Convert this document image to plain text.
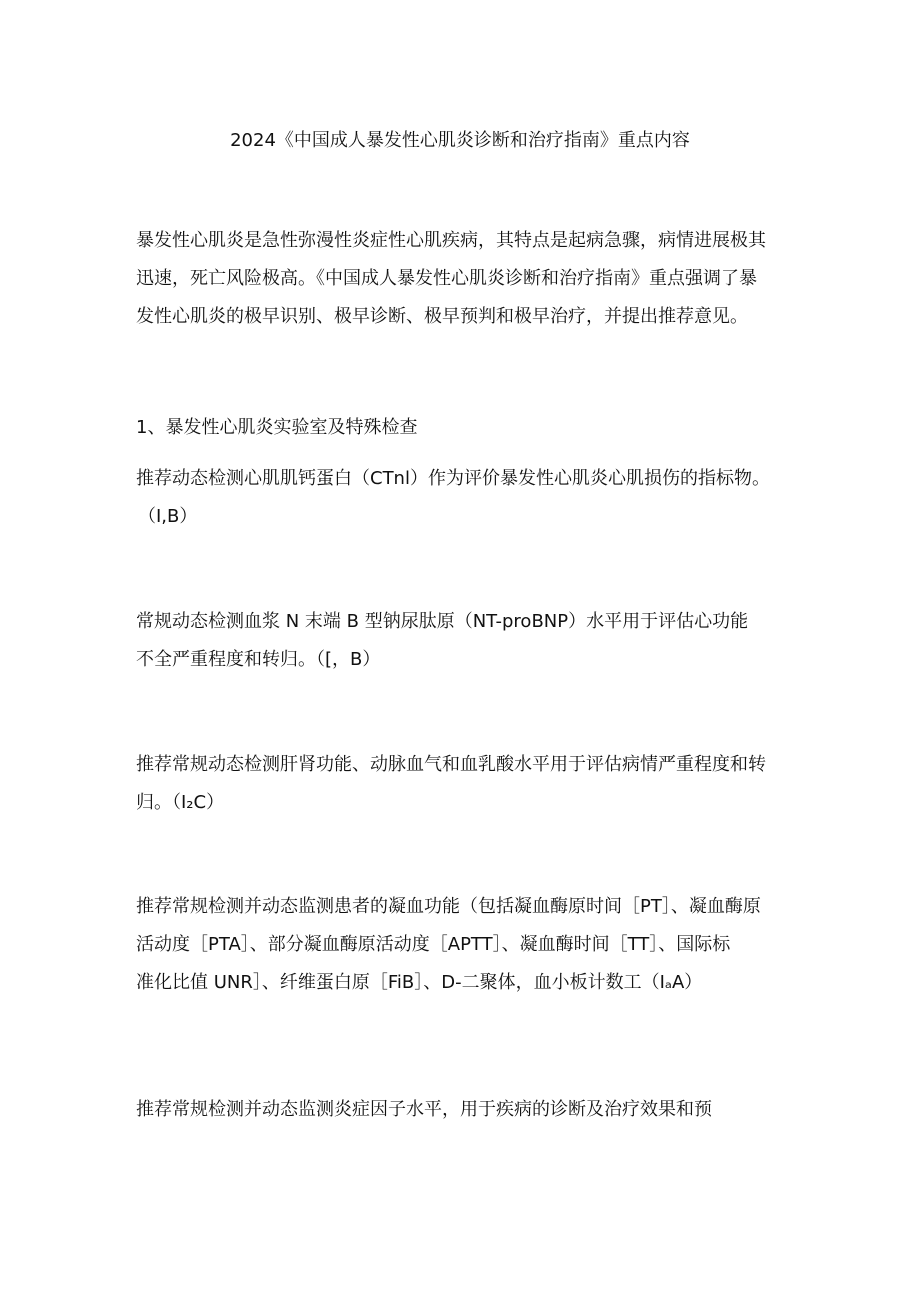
2024《中国成人暴发性心肌炎诊断和治疗指南》重点内容
暴发性心肌炎是急性弥漫性炎症性心肌疾病，其特点是起病急骤，病情进展极其
迅速，死亡风险极高。《中国成人暴发性心肌炎诊断和治疗指南》重点强调了暴
发性心肌炎的极早识别、极早诊断、极早预判和极早治疗，并提出推荐意见。
1、暴发性心肌炎实验室及特殊检查
推荐动态检测心肌肌钙蛋白（CTnl）作为评价暴发性心肌炎心肌损伤的指标物。
（I,B）
常规动态检测血浆 N 末端 B 型钠尿肽原（NT-proBNP）水平用于评估心功能
不全严重程度和转归。（[，B）
推荐常规动态检测肝肾功能、动脉血气和血乳酸水平用于评估病情严重程度和转
归。（I₂C）
推荐常规检测并动态监测患者的凝血功能（包括凝血酶原时间［PT］、凝血酶原
活动度［PTA］、部分凝血酶原活动度［APTT］、凝血酶时间［TT］、国际标
准化比值 UNR］、纤维蛋白原［FiB］、D-二聚体，血小板计数工（IₐA）
推荐常规检测并动态监测炎症因子水平，用于疾病的诊断及治疗效果和预
